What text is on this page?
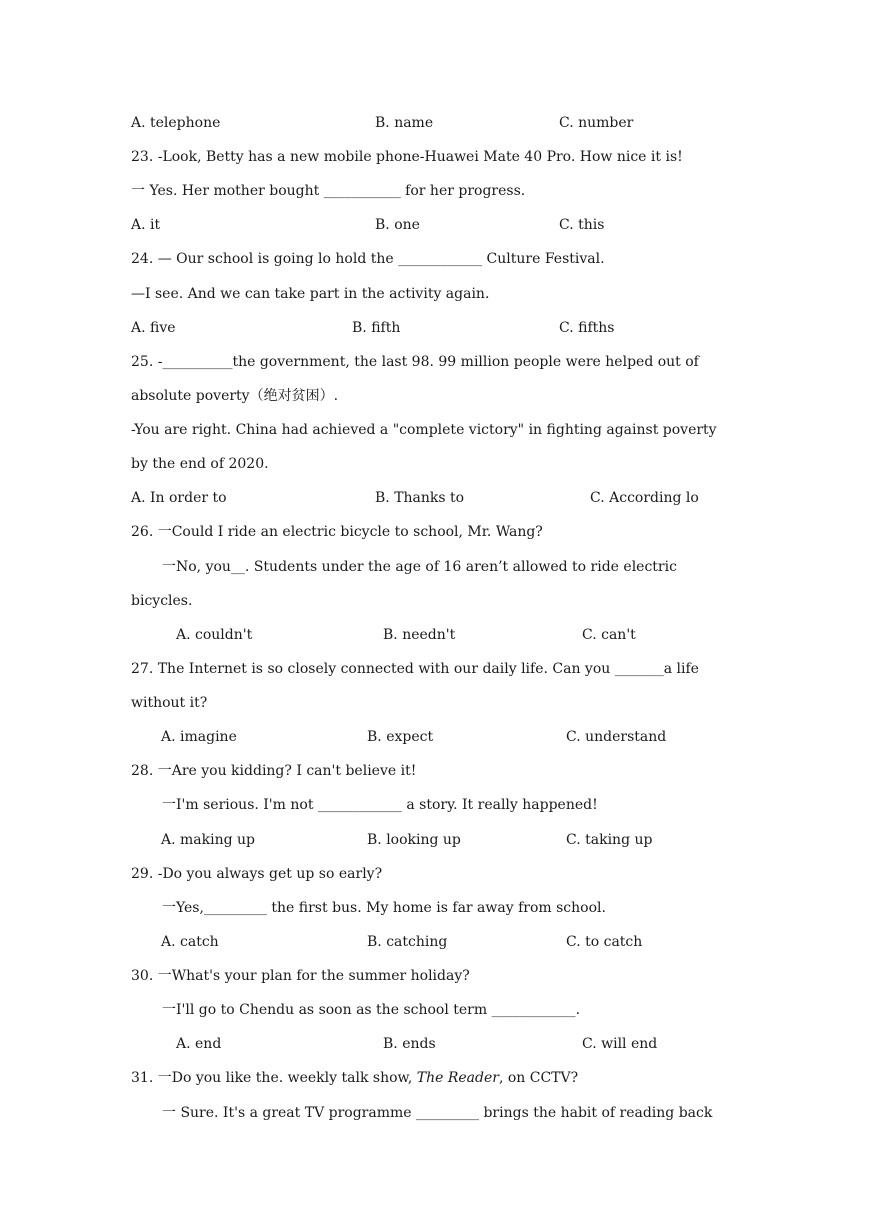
A. telephone	B. name	C. number
23. -Look, Betty has a new mobile phone-Huawei Mate 40 Pro. How nice it is!
一 Yes. Her mother bought ___________ for her progress.
A. it	B. one	C. this
24. — Our school is going lo hold the ____________ Culture Festival.
—I see. And we can take part in the activity again.
A. five	B. fifth	C. fifths
25. -__________the government, the last 98. 99 million people were helped out of
absolute poverty（绝对贫困）.
-You are right. China had achieved a "complete victory" in fighting against poverty
by the end of 2020.
A. In order to	B. Thanks to	C. According lo
26. 一Could I ride an electric bicycle to school, Mr. Wang?
一No, you__. Students under the age of 16 aren’t allowed to ride electric
bicycles.
A. couldn't	B. needn't	C. can't
27. The Internet is so closely connected with our daily life. Can you _______a life
without it?
A. imagine	B. expect	C. understand
28. 一Are you kidding? I can't believe it!
一I'm serious. I'm not ____________ a story. It really happened!
A. making up	B. looking up	C. taking up
29. -Do you always get up so early?
一Yes,_________ the first bus. My home is far away from school.
A. catch	B. catching	C. to catch
30. 一What's your plan for the summer holiday?
一I'll go to Chendu as soon as the school term ____________.
A. end	B. ends	C. will end
31. 一Do you like the. weekly talk show, The Reader, on CCTV?
一 Sure. It's a great TV programme _________ brings the habit of reading back
